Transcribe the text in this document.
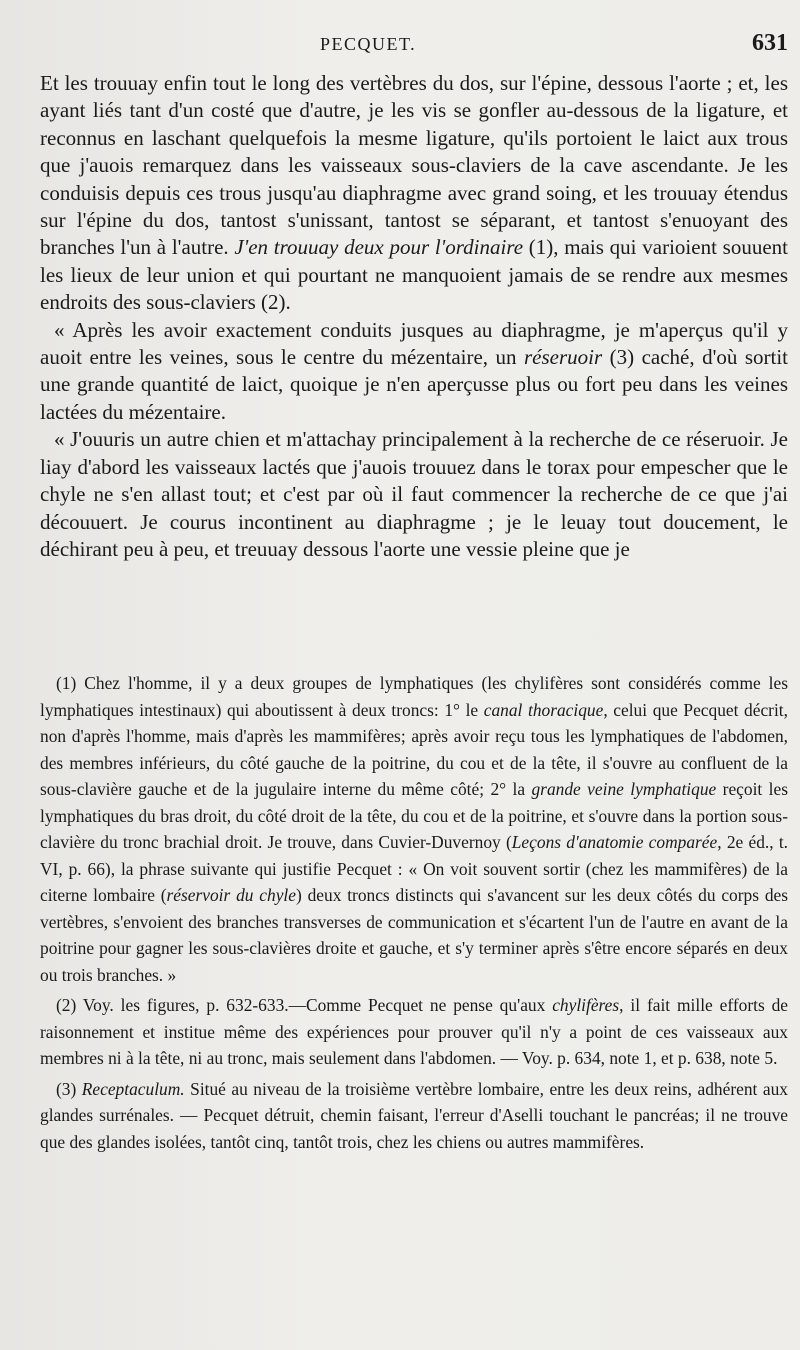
PECQUET.	631

Et les trouuay enfin tout le long des vertèbres du dos, sur l'épine, dessous l'aorte ; et, les ayant liés tant d'un costé que d'autre, je les vis se gonfler au-dessous de la ligature, et reconnus en laschant quelquefois la mesme ligature, qu'ils portoient le laict aux trous que j'auois remarquez dans les vaisseaux sous-claviers de la cave ascendante. Je les conduisis depuis ces trous jusqu'au diaphragme avec grand soing, et les trouuay étendus sur l'épine du dos, tantost s'unissant, tantost se séparant, et tantost s'enuoyant des branches l'un à l'autre. J'en trouuay deux pour l'ordinaire (1), mais qui varioient souuent les lieux de leur union et qui pourtant ne manquoient jamais de se rendre aux mesmes endroits des sous-claviers (2).

« Après les avoir exactement conduits jusques au diaphragme, je m'aperçus qu'il y auoit entre les veines, sous le centre du mézentaire, un réseruoir (3) caché, d'où sortit une grande quantité de laict, quoique je n'en aperçusse plus ou fort peu dans les veines lactées du mézentaire.

« J'ouuris un autre chien et m'attachay principalement à la recherche de ce réseruoir. Je liay d'abord les vaisseaux lactés que j'auois trouuez dans le torax pour empescher que le chyle ne s'en allast tout; et c'est par où il faut commencer la recherche de ce que j'ai découuert. Je courus incontinent au diaphragme ; je le leuay tout doucement, le déchirant peu à peu, et treuuay dessous l'aorte une vessie pleine que je

(1) Chez l'homme, il y a deux groupes de lymphatiques (les chylifères sont considérés comme les lymphatiques intestinaux) qui aboutissent à deux troncs: 1° le canal thoracique, celui que Pecquet décrit, non d'après l'homme, mais d'après les mammifères; après avoir reçu tous les lymphatiques de l'abdomen, des membres inférieurs, du côté gauche de la poitrine, du cou et de la tête, il s'ouvre au confluent de la sous-clavière gauche et de la jugulaire interne du même côté; 2° la grande veine lymphatique reçoit les lymphatiques du bras droit, du côté droit de la tête, du cou et de la poitrine, et s'ouvre dans la portion sous-clavière du tronc brachial droit. Je trouve, dans Cuvier-Duvernoy (Leçons d'anatomie comparée, 2e éd., t. VI, p. 66), la phrase suivante qui justifie Pecquet : « On voit souvent sortir (chez les mammifères) de la citerne lombaire (réservoir du chyle) deux troncs distincts qui s'avancent sur les deux côtés du corps des vertèbres, s'envoient des branches transverses de communication et s'écartent l'un de l'autre en avant de la poitrine pour gagner les sous-clavières droite et gauche, et s'y terminer après s'être encore séparés en deux ou trois branches. »

(2) Voy. les figures, p. 632-633.—Comme Pecquet ne pense qu'aux chylifères, il fait mille efforts de raisonnement et institue même des expériences pour prouver qu'il n'y a point de ces vaisseaux aux membres ni à la tête, ni au tronc, mais seulement dans l'abdomen. — Voy. p. 634, note 1, et p. 638, note 5.

(3) Receptaculum. Situé au niveau de la troisième vertèbre lombaire, entre les deux reins, adhérent aux glandes surrénales. — Pecquet détruit, chemin faisant, l'erreur d'Aselli touchant le pancréas; il ne trouve que des glandes isolées, tantôt cinq, tantôt trois, chez les chiens ou autres mammifères.
